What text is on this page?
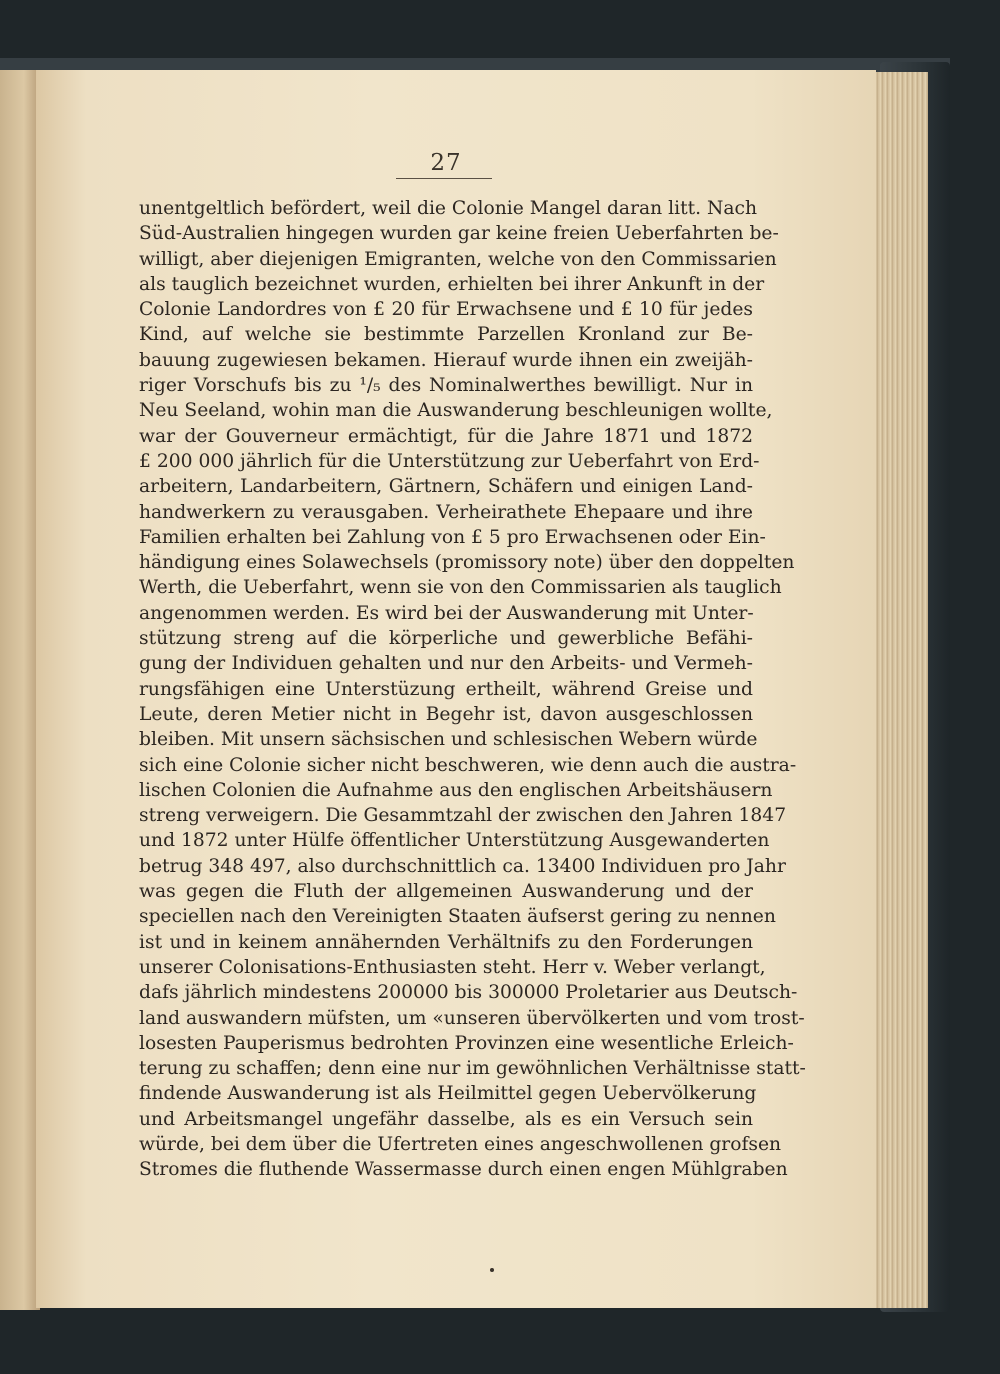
27
unentgeltlich befördert, weil die Colonie Mangel daran litt. Nach
Süd-Australien hingegen wurden gar keine freien Ueberfahrten be-
willigt, aber diejenigen Emigranten, welche von den Commissarien
als tauglich bezeichnet wurden, erhielten bei ihrer Ankunft in der
Colonie Landordres von £ 20 für Erwachsene und £ 10 für jedes
Kind, auf welche sie bestimmte Parzellen Kronland zur Be-
bauung zugewiesen bekamen. Hierauf wurde ihnen ein zweijäh-
riger Vorschufs bis zu ¹/₅ des Nominalwerthes bewilligt. Nur in
Neu Seeland, wohin man die Auswanderung beschleunigen wollte,
war der Gouverneur ermächtigt, für die Jahre 1871 und 1872
£ 200 000 jährlich für die Unterstützung zur Ueberfahrt von Erd-
arbeitern, Landarbeitern, Gärtnern, Schäfern und einigen Land-
handwerkern zu verausgaben. Verheirathete Ehepaare und ihre
Familien erhalten bei Zahlung von £ 5 pro Erwachsenen oder Ein-
händigung eines Solawechsels (promissory note) über den doppelten
Werth, die Ueberfahrt, wenn sie von den Commissarien als tauglich
angenommen werden. Es wird bei der Auswanderung mit Unter-
stützung streng auf die körperliche und gewerbliche Befähi-
gung der Individuen gehalten und nur den Arbeits- und Vermeh-
rungsfähigen eine Unterstüzung ertheilt, während Greise und
Leute, deren Metier nicht in Begehr ist, davon ausgeschlossen
bleiben. Mit unsern sächsischen und schlesischen Webern würde
sich eine Colonie sicher nicht beschweren, wie denn auch die austra-
lischen Colonien die Aufnahme aus den englischen Arbeitshäusern
streng verweigern. Die Gesammtzahl der zwischen den Jahren 1847
und 1872 unter Hülfe öffentlicher Unterstützung Ausgewanderten
betrug 348 497, also durchschnittlich ca. 13400 Individuen pro Jahr
was gegen die Fluth der allgemeinen Auswanderung und der
speciellen nach den Vereinigten Staaten äufserst gering zu nennen
ist und in keinem annähernden Verhältnifs zu den Forderungen
unserer Colonisations-Enthusiasten steht. Herr v. Weber verlangt,
dafs jährlich mindestens 200000 bis 300000 Proletarier aus Deutsch-
land auswandern müfsten, um «unseren übervölkerten und vom trost-
losesten Pauperismus bedrohten Provinzen eine wesentliche Erleich-
terung zu schaffen; denn eine nur im gewöhnlichen Verhältnisse statt-
findende Auswanderung ist als Heilmittel gegen Uebervölkerung
und Arbeitsmangel ungefähr dasselbe, als es ein Versuch sein
würde, bei dem über die Ufertreten eines angeschwollenen grofsen
Stromes die fluthende Wassermasse durch einen engen Mühlgraben
